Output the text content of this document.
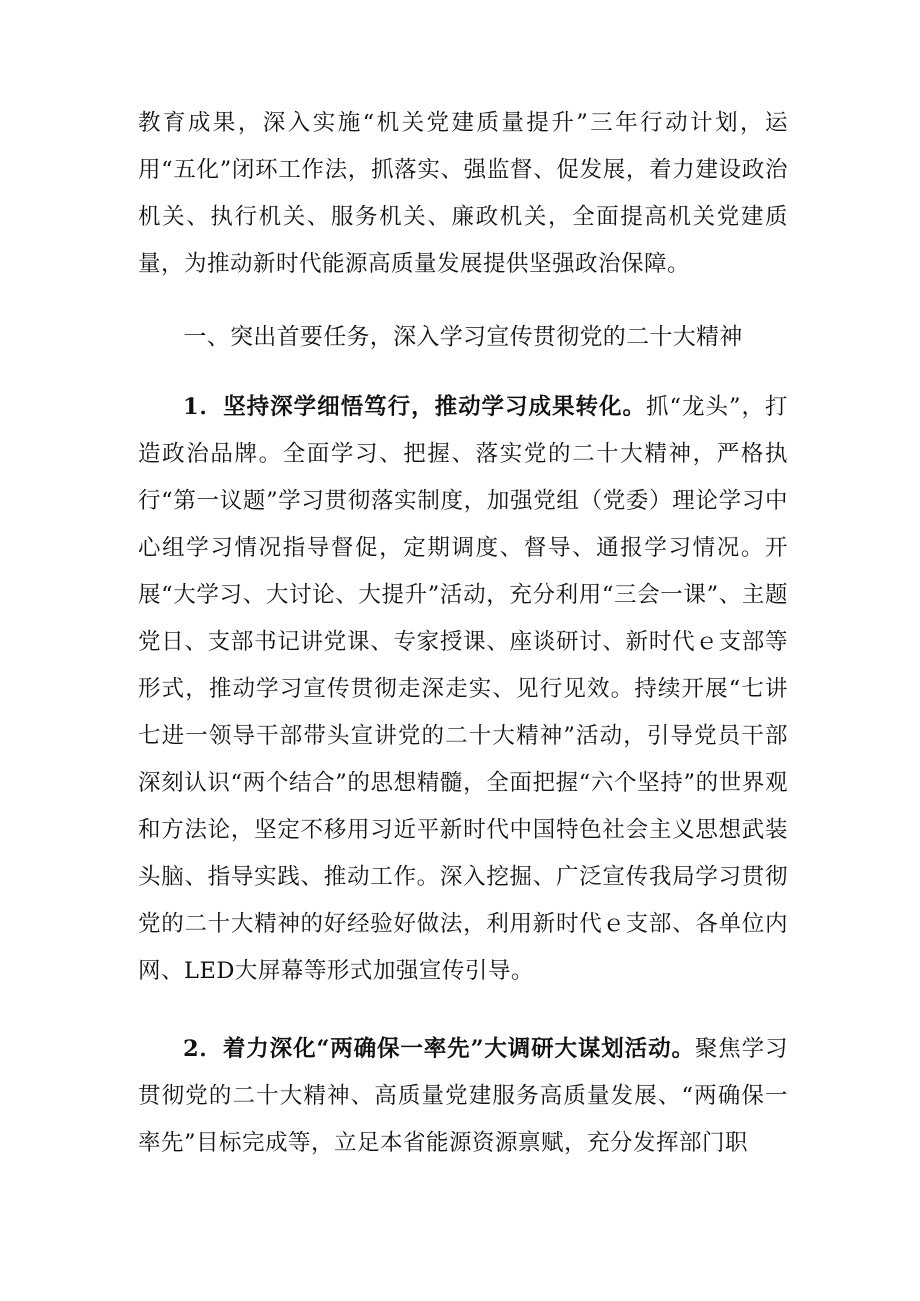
教育成果，深入实施“机关党建质量提升”三年行动计划，运用“五化”闭环工作法，抓落实、强监督、促发展，着力建设政治机关、执行机关、服务机关、廉政机关，全面提高机关党建质量，为推动新时代能源高质量发展提供坚强政治保障。

一、突出首要任务，深入学习宣传贯彻党的二十大精神

1．坚持深学细悟笃行，推动学习成果转化。抓“龙头”，打造政治品牌。全面学习、把握、落实党的二十大精神，严格执行“第一议题”学习贯彻落实制度，加强党组（党委）理论学习中心组学习情况指导督促，定期调度、督导、通报学习情况。开展“大学习、大讨论、大提升”活动，充分利用“三会一课”、主题党日、支部书记讲党课、专家授课、座谈研讨、新时代ｅ支部等形式，推动学习宣传贯彻走深走实、见行见效。持续开展“七讲七进一领导干部带头宣讲党的二十大精神”活动，引导党员干部深刻认识“两个结合”的思想精髓，全面把握“六个坚持”的世界观和方法论，坚定不移用习近平新时代中国特色社会主义思想武装头脑、指导实践、推动工作。深入挖掘、广泛宣传我局学习贯彻党的二十大精神的好经验好做法，利用新时代ｅ支部、各单位内网、LED大屏幕等形式加强宣传引导。

2．着力深化“两确保一率先”大调研大谋划活动。聚焦学习贯彻党的二十大精神、高质量党建服务高质量发展、“两确保一率先”目标完成等，立足本省能源资源禀赋，充分发挥部门职
